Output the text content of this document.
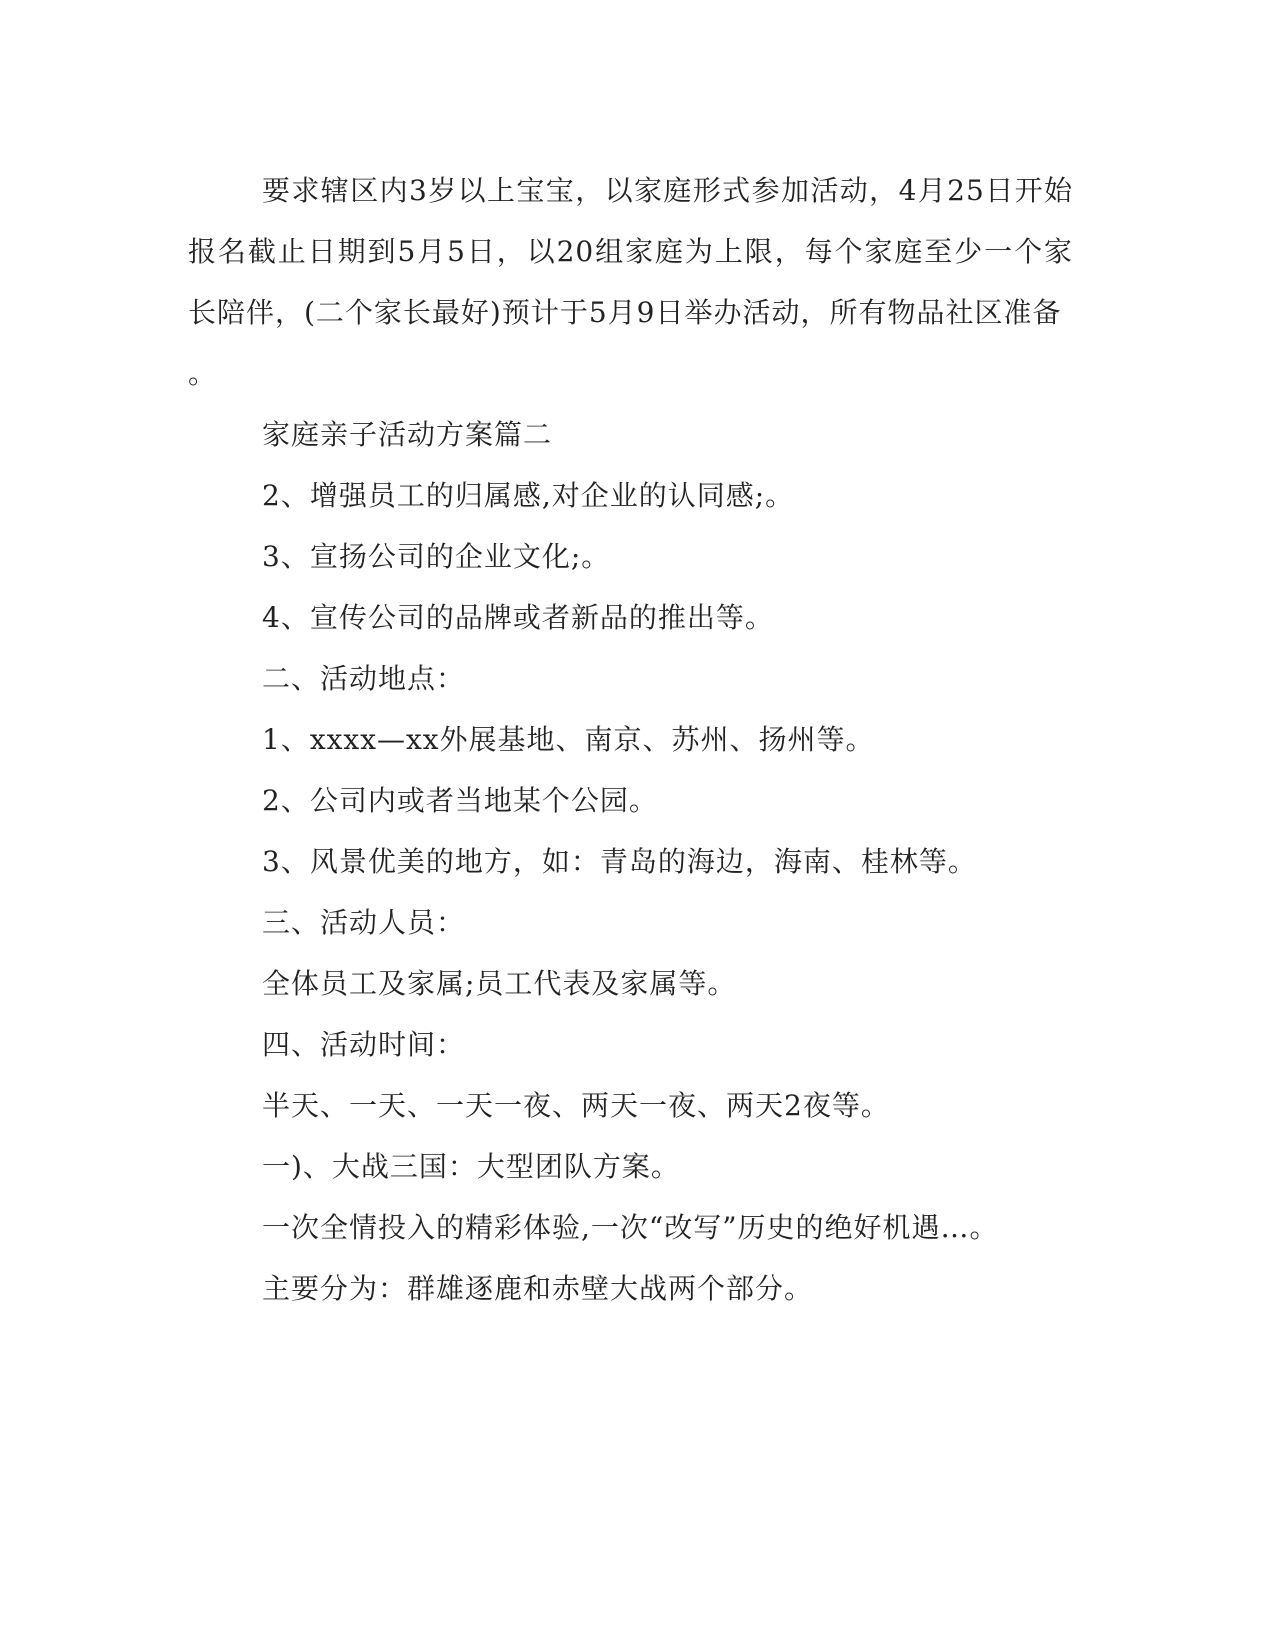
要求辖区内3岁以上宝宝，以家庭形式参加活动，4月25日开始报名截止日期到5月5日，以20组家庭为上限，每个家庭至少一个家长陪伴，(二个家长最好)预计于5月9日举办活动，所有物品社区准备

。

家庭亲子活动方案篇二

2、增强员工的归属感,对企业的认同感;。

3、宣扬公司的企业文化;。

4、宣传公司的品牌或者新品的推出等。

二、活动地点：

1、xxxx—xx外展基地、南京、苏州、扬州等。

2、公司内或者当地某个公园。

3、风景优美的地方，如：青岛的海边，海南、桂林等。

三、活动人员：

全体员工及家属;员工代表及家属等。

四、活动时间：

半天、一天、一天一夜、两天一夜、两天2夜等。

一)、大战三国：大型团队方案。

一次全情投入的精彩体验,一次“改写”历史的绝好机遇…。

主要分为：群雄逐鹿和赤壁大战两个部分。
